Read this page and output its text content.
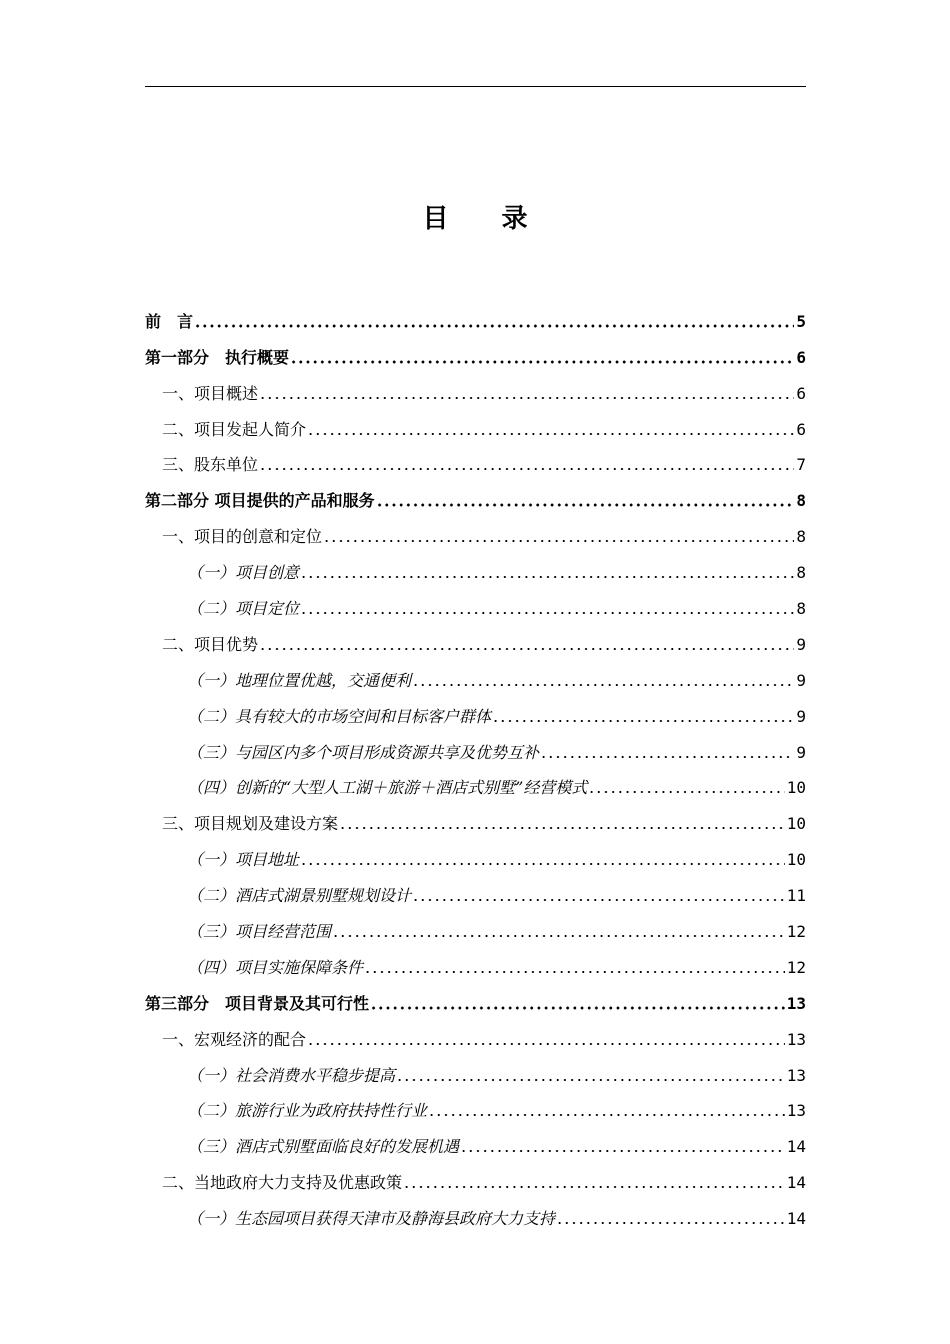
目 录
前　言	5
第一部分　执行概要	6
一、项目概述	6
二、项目发起人简介	6
三、股东单位	7
第二部分 项目提供的产品和服务	8
一、项目的创意和定位	8
（一）项目创意	8
（二）项目定位	8
二、项目优势	9
（一）地理位置优越，交通便利	9
（二）具有较大的市场空间和目标客户群体	9
（三）与园区内多个项目形成资源共享及优势互补	9
（四）创新的“大型人工湖＋旅游＋酒店式别墅”经营模式	10
三、项目规划及建设方案	10
（一）项目地址	10
（二）酒店式湖景别墅规划设计	11
（三）项目经营范围	12
（四）项目实施保障条件	12
第三部分　项目背景及其可行性	13
一、宏观经济的配合	13
（一）社会消费水平稳步提高	13
（二）旅游行业为政府扶持性行业	13
（三）酒店式别墅面临良好的发展机遇	14
二、当地政府大力支持及优惠政策	14
（一）生态园项目获得天津市及静海县政府大力支持	14
